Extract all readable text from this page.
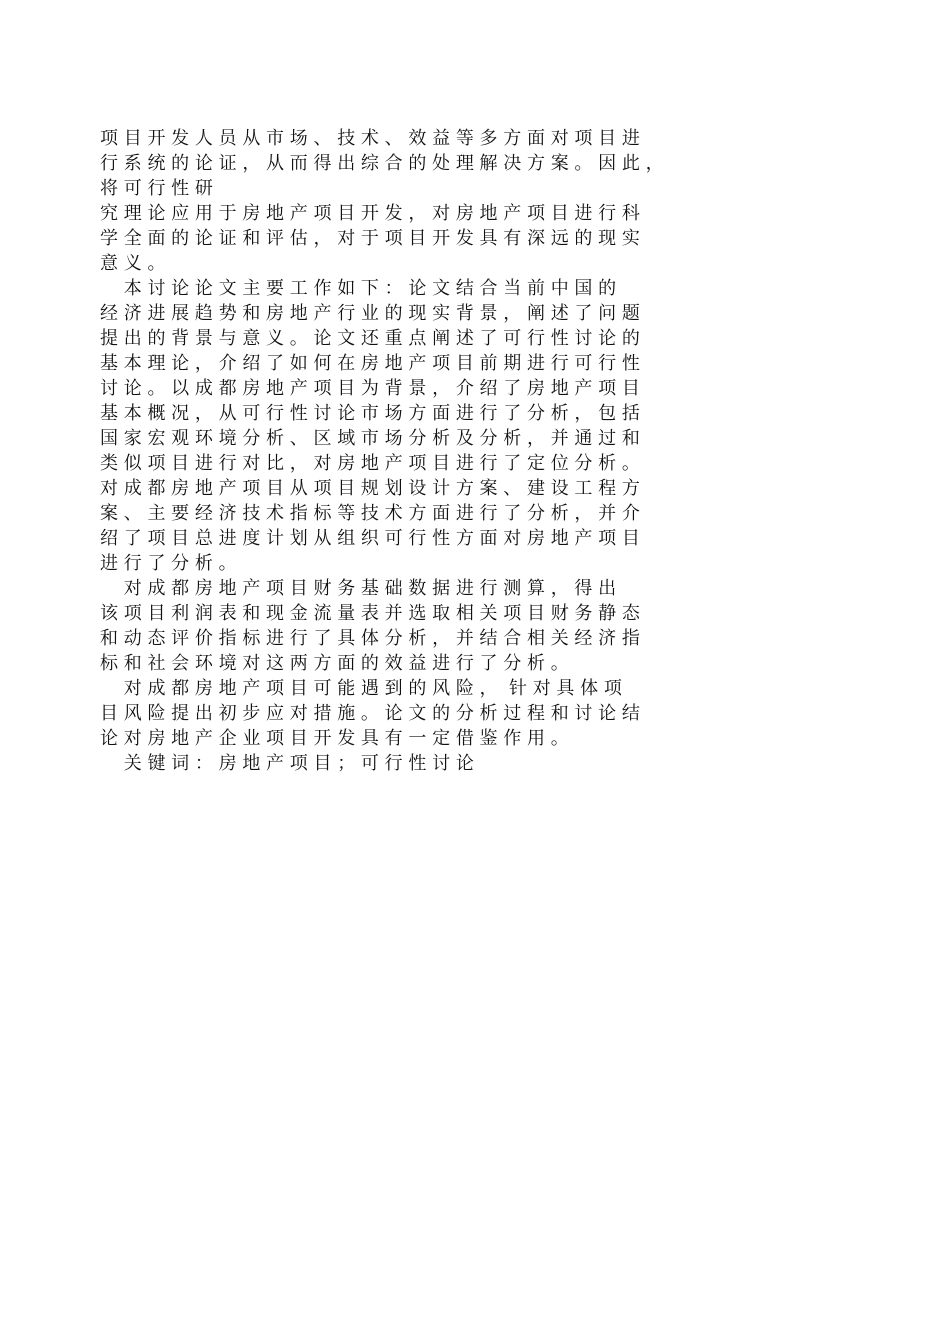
项 目 开 发 人 员 从 市 场 、 技 术 、 效 益 等 多 方 面 对 项 目 进
行 系 统 的 论 证 ， 从 而 得 出 综 合 的 处 理 解 决 方 案 。 因 此 ，
将 可 行 性 研
究 理 论 应 用 于 房 地 产 项 目 开 发 ， 对 房 地 产 项 目 进 行 科
学 全 面 的 论 证 和 评 估 ， 对 于 项 目 开 发 具 有 深 远 的 现 实
意 义 。
　 本 讨 论 论 文 主 要 工 作 如 下 ： 论 文 结 合 当 前 中 国 的
经 济 进 展 趋 势 和 房 地 产 行 业 的 现 实 背 景 ， 阐 述 了 问 题
提 出 的 背 景 与 意 义 。 论 文 还 重 点 阐 述 了 可 行 性 讨 论 的
基 本 理 论 ， 介 绍 了 如 何 在 房 地 产 项 目 前 期 进 行 可 行 性
讨 论 。 以 成 都 房 地 产 项 目 为 背 景 ， 介 绍 了 房 地 产 项 目
基 本 概 况 ， 从 可 行 性 讨 论 市 场 方 面 进 行 了 分 析 ， 包 括
国 家 宏 观 环 境 分 析 、 区 域 市 场 分 析 及 分 析 ， 并 通 过 和
类 似 项 目 进 行 对 比 ， 对 房 地 产 项 目 进 行 了 定 位 分 析 。
对 成 都 房 地 产 项 目 从 项 目 规 划 设 计 方 案 、 建 设 工 程 方
案 、 主 要 经 济 技 术 指 标 等 技 术 方 面 进 行 了 分 析 ， 并 介
绍 了 项 目 总 进 度 计 划 从 组 织 可 行 性 方 面 对 房 地 产 项 目
进 行 了 分 析 。
　 对 成 都 房 地 产 项 目 财 务 基 础 数 据 进 行 测 算 ， 得 出
该 项 目 利 润 表 和 现 金 流 量 表 并 选 取 相 关 项 目 财 务 静 态
和 动 态 评 价 指 标 进 行 了 具 体 分 析 ， 并 结 合 相 关 经 济 指
标 和 社 会 环 境 对 这 两 方 面 的 效 益 进 行 了 分 析 。
　 对 成 都 房 地 产 项 目 可 能 遇 到 的 风 险 ，  针 对 具 体 项
目 风 险 提 出 初 步 应 对 措 施 。 论 文 的 分 析 过 程 和 讨 论 结
论 对 房 地 产 企 业 项 目 开 发 具 有 一 定 借 鉴 作 用 。
　 关 键 词 ： 房 地 产 项 目 ； 可 行 性 讨 论
